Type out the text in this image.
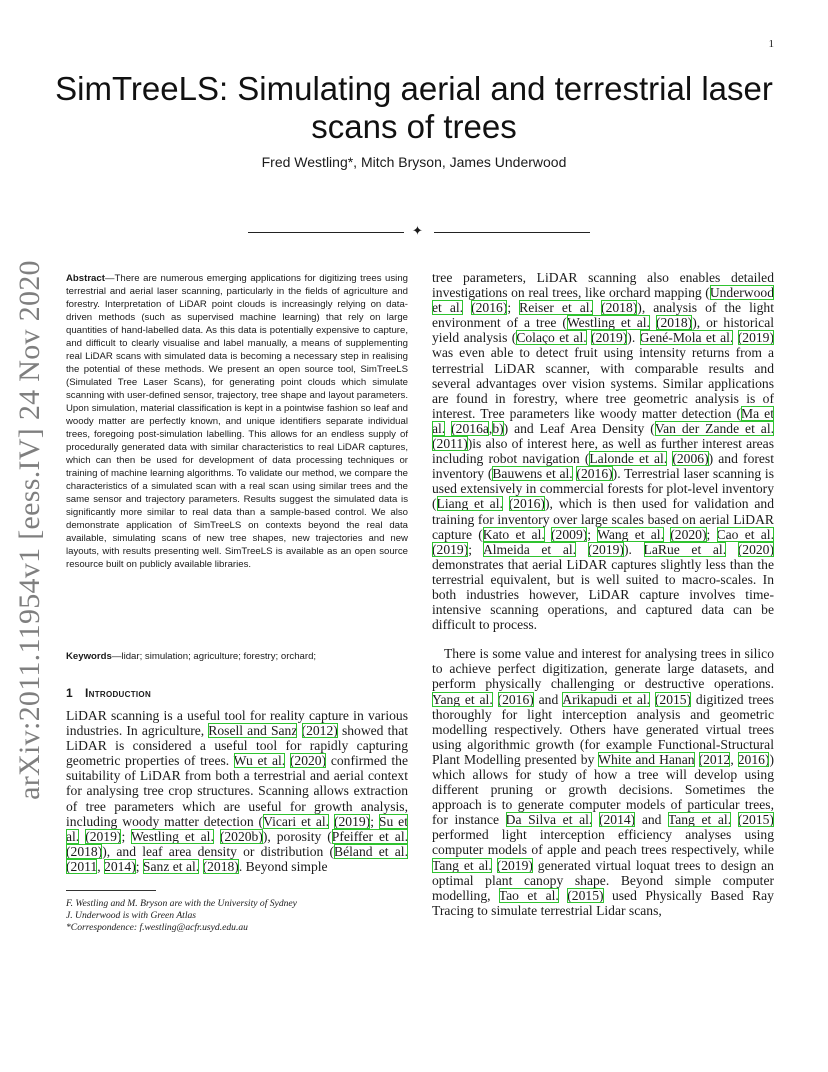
1
arXiv:2011.11954v1 [eess.IV] 24 Nov 2020
SimTreeLS: Simulating aerial and terrestrial laser scans of trees
Fred Westling*, Mitch Bryson, James Underwood
✦

Abstract—There are numerous emerging applications for digitizing trees using terrestrial and aerial laser scanning, particularly in the fields of agriculture and forestry. Interpretation of LiDAR point clouds is increasingly relying on data-driven methods (such as supervised machine learning) that rely on large quantities of hand-labelled data. As this data is potentially expensive to capture, and difficult to clearly visualise and label manually, a means of supplementing real LiDAR scans with simulated data is becoming a necessary step in realising the potential of these methods. We present an open source tool, SimTreeLS (Simulated Tree Laser Scans), for generating point clouds which simulate scanning with user-defined sensor, trajectory, tree shape and layout parameters. Upon simulation, material classification is kept in a pointwise fashion so leaf and woody matter are perfectly known, and unique identifiers separate individual trees, foregoing post-simulation labelling. This allows for an endless supply of procedurally generated data with similar characteristics to real LiDAR captures, which can then be used for development of data processing techniques or training of machine learning algorithms. To validate our method, we compare the characteristics of a simulated scan with a real scan using similar trees and the same sensor and trajectory parameters. Results suggest the simulated data is significantly more similar to real data than a sample-based control. We also demonstrate application of SimTreeLS on contexts beyond the real data available, simulating scans of new tree shapes, new trajectories and new layouts, with results presenting well. SimTreeLS is available as an open source resource built on publicly available libraries.

Keywords—lidar; simulation; agriculture; forestry; orchard;

1 Introduction

LiDAR scanning is a useful tool for reality capture in various industries. In agriculture, Rosell and Sanz (2012) showed that LiDAR is considered a useful tool for rapidly capturing geometric properties of trees. Wu et al. (2020) confirmed the suitability of LiDAR from both a terrestrial and aerial context for analysing tree crop structures. Scanning allows extraction of tree parameters which are useful for growth analysis, including woody matter detection (Vicari et al. (2019); Su et al. (2019); Westling et al. (2020b)), porosity (Pfeiffer et al. (2018)), and leaf area density or distribution (Béland et al. (2011, 2014); Sanz et al. (2018). Beyond simple

F. Westling and M. Bryson are with the University of Sydney
J. Underwood is with Green Atlas
*Correspondence: f.westling@acfr.usyd.edu.au

tree parameters, LiDAR scanning also enables detailed investigations on real trees, like orchard mapping (Underwood et al. (2016); Reiser et al. (2018)), analysis of the light environment of a tree (Westling et al. (2018)), or historical yield analysis (Colaço et al. (2019)). Gené-Mola et al. (2019) was even able to detect fruit using intensity returns from a terrestrial LiDAR scanner, with comparable results and several advantages over vision systems. Similar applications are found in forestry, where tree geometric analysis is of interest. Tree parameters like woody matter detection (Ma et al. (2016a,b)) and Leaf Area Density (Van der Zande et al. (2011))is also of interest here, as well as further interest areas including robot navigation (Lalonde et al. (2006)) and forest inventory (Bauwens et al. (2016)). Terrestrial laser scanning is used extensively in commercial forests for plot-level inventory (Liang et al. (2016)), which is then used for validation and training for inventory over large scales based on aerial LiDAR capture (Kato et al. (2009); Wang et al. (2020); Cao et al. (2019); Almeida et al. (2019)). LaRue et al. (2020) demonstrates that aerial LiDAR captures slightly less than the terrestrial equivalent, but is well suited to macro-scales. In both industries however, LiDAR capture involves time-intensive scanning operations, and captured data can be difficult to process.

There is some value and interest for analysing trees in silico to achieve perfect digitization, generate large datasets, and perform physically challenging or destructive operations. Yang et al. (2016) and Arikapudi et al. (2015) digitized trees thoroughly for light interception analysis and geometric modelling respectively. Others have generated virtual trees using algorithmic growth (for example Functional-Structural Plant Modelling presented by White and Hanan (2012, 2016)) which allows for study of how a tree will develop using different pruning or growth decisions. Sometimes the approach is to generate computer models of particular trees, for instance Da Silva et al. (2014) and Tang et al. (2015) performed light interception efficiency analyses using computer models of apple and peach trees respectively, while Tang et al. (2019) generated virtual loquat trees to design an optimal plant canopy shape. Beyond simple computer modelling, Tao et al. (2015) used Physically Based Ray Tracing to simulate terrestrial Lidar scans,
